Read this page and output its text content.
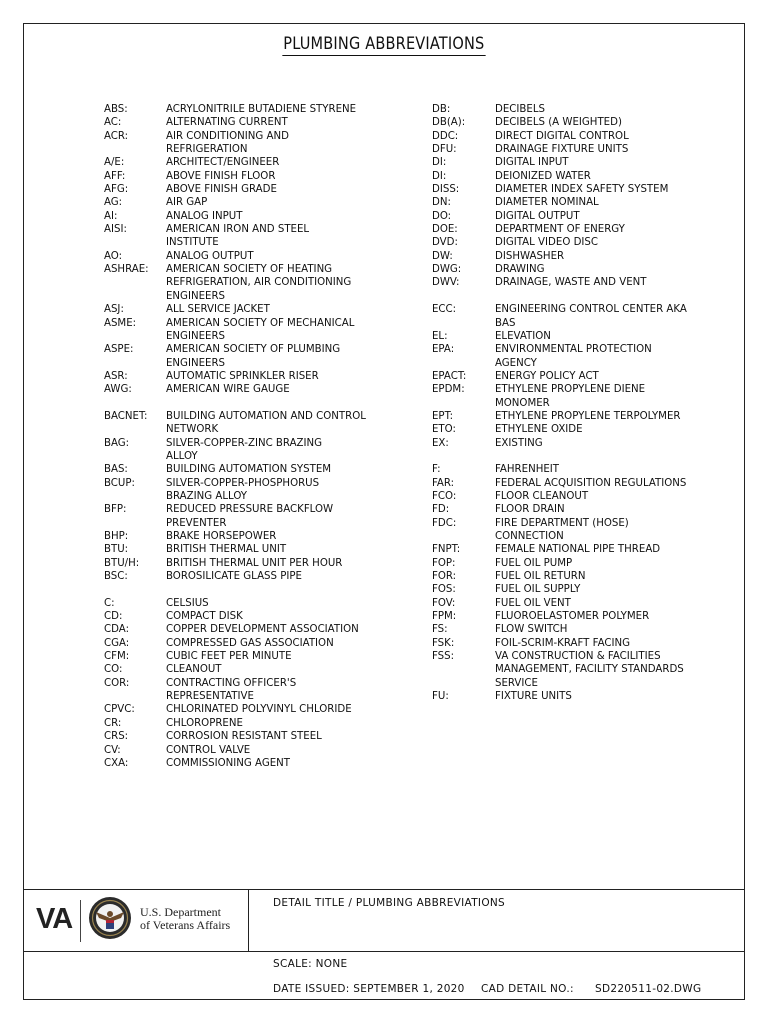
PLUMBING ABBREVIATIONS
ABS:	ACRYLONITRILE BUTADIENE STYRENE
AC:	ALTERNATING CURRENT
ACR:	AIR CONDITIONING AND
REFRIGERATION
A/E:	ARCHITECT/ENGINEER
AFF:	ABOVE FINISH FLOOR
AFG:	ABOVE FINISH GRADE
AG:	AIR GAP
AI:	ANALOG INPUT
AISI:	AMERICAN IRON AND STEEL
INSTITUTE
AO:	ANALOG OUTPUT
ASHRAE: AMERICAN SOCIETY OF HEATING
REFRIGERATION, AIR CONDITIONING
ENGINEERS
ASJ:	ALL SERVICE JACKET
ASME:	AMERICAN SOCIETY OF MECHANICAL
ENGINEERS
ASPE:	AMERICAN SOCIETY OF PLUMBING
ENGINEERS
ASR:	AUTOMATIC SPRINKLER RISER
AWG:	AMERICAN WIRE GAUGE
BACNET: BUILDING AUTOMATION AND CONTROL
NETWORK
BAG:	SILVER-COPPER-ZINC BRAZING
ALLOY
BAS:	BUILDING AUTOMATION SYSTEM
BCUP:	SILVER-COPPER-PHOSPHORUS
BRAZING ALLOY
BFP:	REDUCED PRESSURE BACKFLOW
PREVENTER
BHP:	BRAKE HORSEPOWER
BTU:	BRITISH THERMAL UNIT
BTU/H:	BRITISH THERMAL UNIT PER HOUR
BSC:	BOROSILICATE GLASS PIPE
C:	CELSIUS
CD:	COMPACT DISK
CDA:	COPPER DEVELOPMENT ASSOCIATION
CGA:	COMPRESSED GAS ASSOCIATION
CFM:	CUBIC FEET PER MINUTE
CO:	CLEANOUT
COR:	CONTRACTING OFFICER'S
REPRESENTATIVE
CPVC:	CHLORINATED POLYVINYL CHLORIDE
CR:	CHLOROPRENE
CRS:	CORROSION RESISTANT STEEL
CV:	CONTROL VALVE
CXA:	COMMISSIONING AGENT
DB:	DECIBELS
DB(A):	DECIBELS (A WEIGHTED)
DDC:	DIRECT DIGITAL CONTROL
DFU:	DRAINAGE FIXTURE UNITS
DI:	DIGITAL INPUT
DI:	DEIONIZED WATER
DISS:	DIAMETER INDEX SAFETY SYSTEM
DN:	DIAMETER NOMINAL
DO:	DIGITAL OUTPUT
DOE:	DEPARTMENT OF ENERGY
DVD:	DIGITAL VIDEO DISC
DW:	DISHWASHER
DWG:	DRAWING
DWV:	DRAINAGE, WASTE AND VENT
ECC:	ENGINEERING CONTROL CENTER AKA
BAS
EL:	ELEVATION
EPA:	ENVIRONMENTAL PROTECTION
AGENCY
EPACT:	ENERGY POLICY ACT
EPDM:	ETHYLENE PROPYLENE DIENE
MONOMER
EPT:	ETHYLENE PROPYLENE TERPOLYMER
ETO:	ETHYLENE OXIDE
EX:	EXISTING
F:	FAHRENHEIT
FAR:	FEDERAL ACQUISITION REGULATIONS
FCO:	FLOOR CLEANOUT
FD:	FLOOR DRAIN
FDC:	FIRE DEPARTMENT (HOSE)
CONNECTION
FNPT:	FEMALE NATIONAL PIPE THREAD
FOP:	FUEL OIL PUMP
FOR:	FUEL OIL RETURN
FOS:	FUEL OIL SUPPLY
FOV:	FUEL OIL VENT
FPM:	FLUOROELASTOMER POLYMER
FS:	FLOW SWITCH
FSK:	FOIL-SCRIM-KRAFT FACING
FSS:	VA CONSTRUCTION & FACILITIES
MANAGEMENT, FACILITY STANDARDS
SERVICE
FU:	FIXTURE UNITS
VA	U.S. Department
of Veterans Affairs
DETAIL TITLE / PLUMBING ABBREVIATIONS
SCALE: NONE
DATE ISSUED: SEPTEMBER 1, 2020 CAD DETAIL NO.: SD220511-02.DWG
